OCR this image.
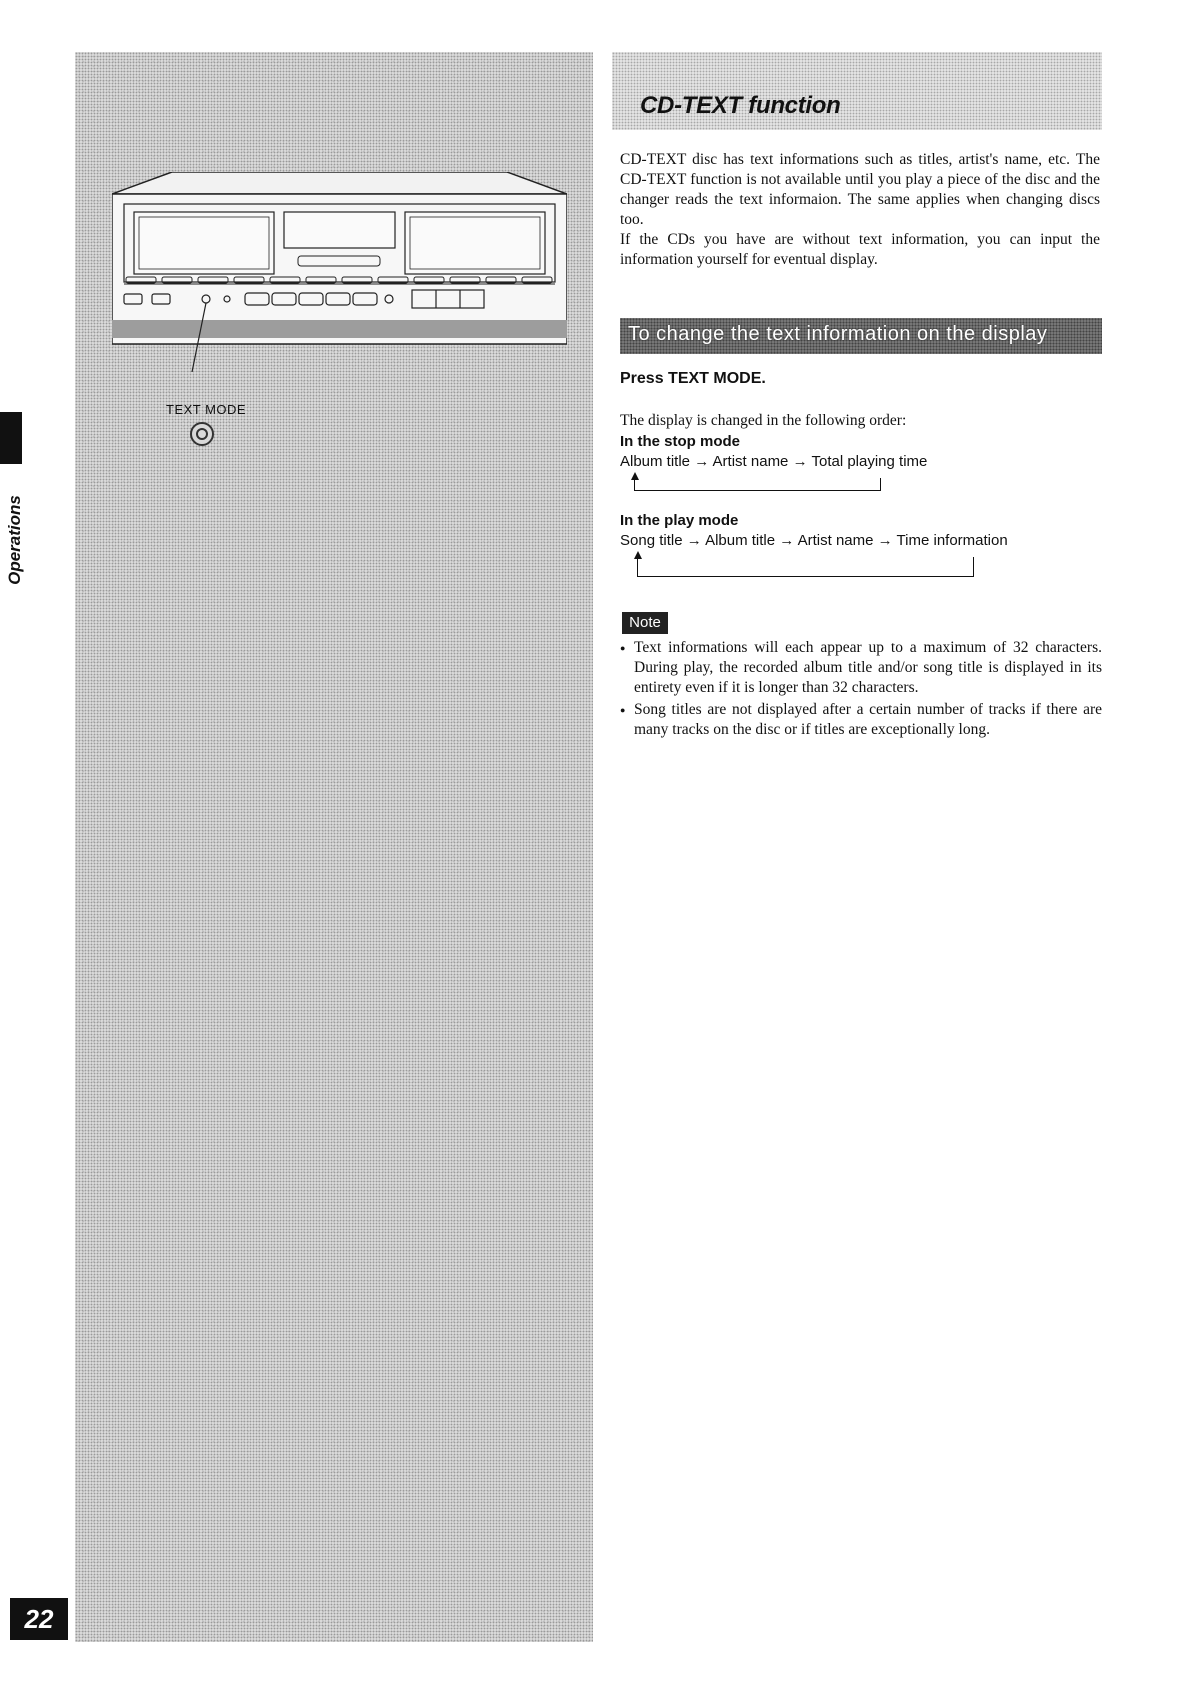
Operations
22
TEXT MODE
CD-TEXT function

CD-TEXT disc has text informations such as titles, artist's name, etc. The CD-TEXT function is not available until you play a piece of the disc and the changer reads the text informaion. The same applies when changing discs too.

If the CDs you have are without text information, you can input the information yourself for eventual display.

To change the text information on the display
Press TEXT MODE.
The display is changed in the following order:
In the stop mode
Album title → Artist name → Total playing time
In the play mode
Song title → Album title → Artist name → Time information
Note
● Text informations will each appear up to a maximum of 32 characters. During play, the recorded album title and/or song title is displayed in its entirety even if it is longer than 32 characters.
● Song titles are not displayed after a certain number of tracks if there are many tracks on the disc or if titles are exceptionally long.
